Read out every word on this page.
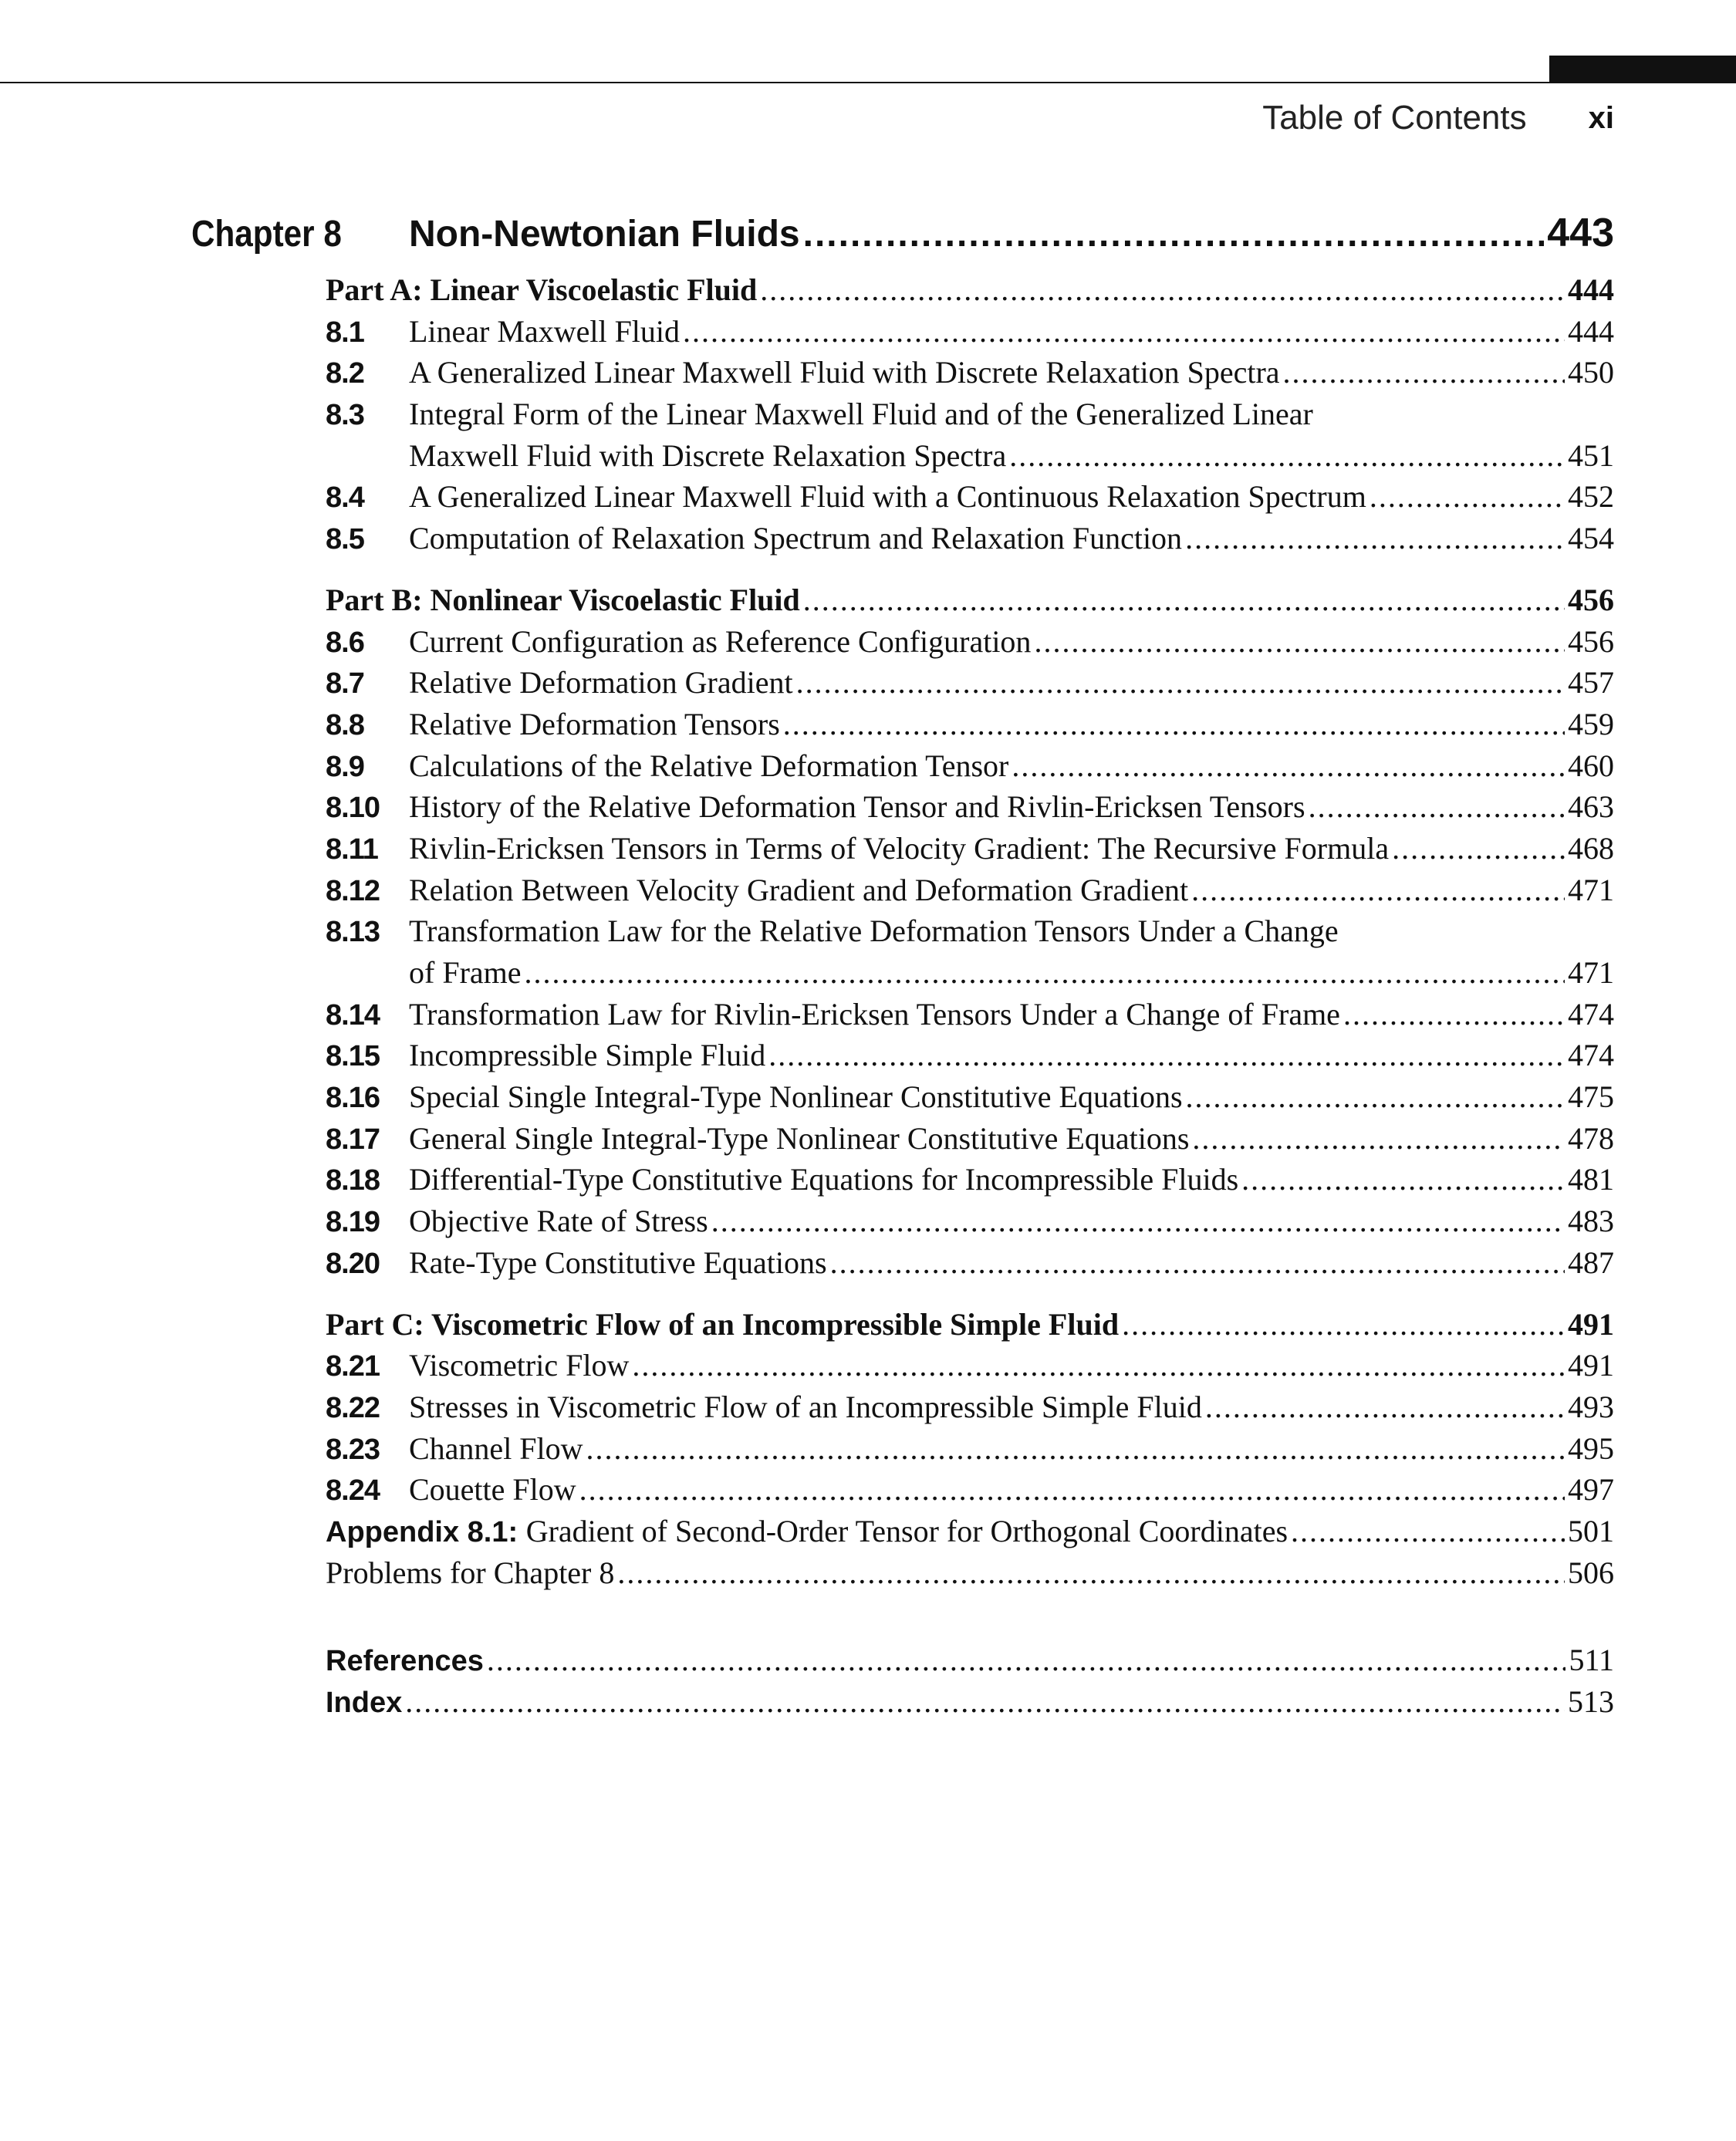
Table of Contents xi
Chapter 8	Non-Newtonian Fluids .....	443
Part A: Linear Viscoelastic Fluid .....	444
8.1	Linear Maxwell Fluid .....	444
8.2	A Generalized Linear Maxwell Fluid with Discrete Relaxation Spectra .....	450
8.3	Integral Form of the Linear Maxwell Fluid and of the Generalized Linear
Maxwell Fluid with Discrete Relaxation Spectra .....	451
8.4	A Generalized Linear Maxwell Fluid with a Continuous Relaxation Spectrum .....	452
8.5	Computation of Relaxation Spectrum and Relaxation Function .....	454
Part B: Nonlinear Viscoelastic Fluid .....	456
8.6	Current Configuration as Reference Configuration .....	456
8.7	Relative Deformation Gradient .....	457
8.8	Relative Deformation Tensors .....	459
8.9	Calculations of the Relative Deformation Tensor .....	460
8.10 History of the Relative Deformation Tensor and Rivlin-Ericksen Tensors .....	463
8.11	Rivlin-Ericksen Tensors in Terms of Velocity Gradient: The Recursive Formula .....	468
8.12 Relation Between Velocity Gradient and Deformation Gradient .....	471
8.13 Transformation Law for the Relative Deformation Tensors Under a Change
of Frame .....	471
8.14 Transformation Law for Rivlin-Ericksen Tensors Under a Change of Frame .....	474
8.15 Incompressible Simple Fluid .....	474
8.16 Special Single Integral-Type Nonlinear Constitutive Equations .....	475
8.17 General Single Integral-Type Nonlinear Constitutive Equations .....	478
8.18 Differential-Type Constitutive Equations for Incompressible Fluids .....	481
8.19 Objective Rate of Stress .....	483
8.20 Rate-Type Constitutive Equations .....	487
Part C: Viscometric Flow of an Incompressible Simple Fluid .....	491
8.21 Viscometric Flow .....	491
8.22 Stresses in Viscometric Flow of an Incompressible Simple Fluid .....	493
8.23 Channel Flow .....	495
8.24 Couette Flow .....	497
Appendix 8.1: Gradient of Second-Order Tensor for Orthogonal Coordinates .....	501
Problems for Chapter 8 .....	506
References .....	511
Index .....	513
